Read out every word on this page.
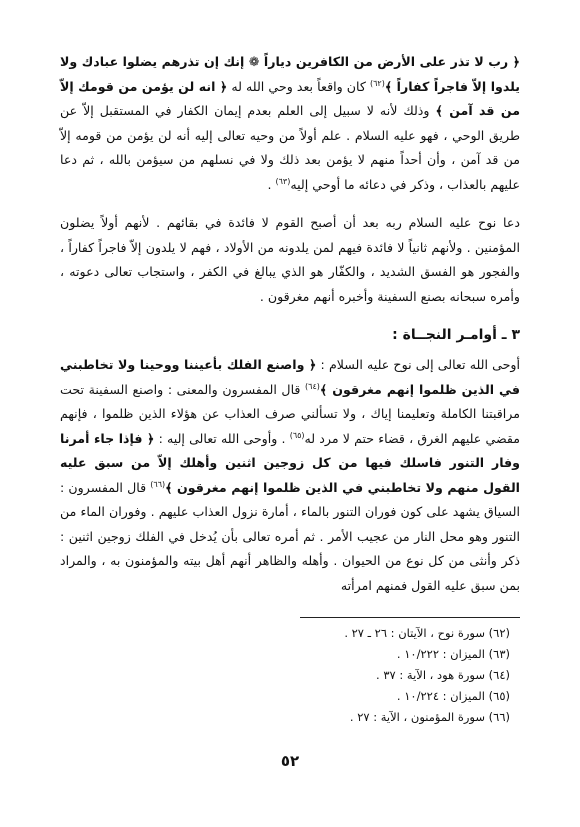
﴿ رب لا تذر على الأرض من الكافرين دياراً ❁ إنك إن تذرهم يضلوا عبادك ولا يلدوا إلاّ فاجراً كفاراً ﴾$^{(٦٢)}$ كان واقعاً بعد وحي الله له ﴿ انه لن يؤمن من قومك إلاّ من قد آمن ﴾ وذلك لأنه لا سبيل إلى العلم بعدم إيمان الكفار في المستقبل إلاّ عن طريق الوحي ، فهو عليه السلام . علم أولاً من وحيه تعالى إليه أنه لن يؤمن من قومه إلاّ من قد آمن ، وأن أحداً منهم لا يؤمن بعد ذلك ولا في نسلهم من سيؤمن بالله ، ثم دعا عليهم بالعذاب ، وذكر في دعائه ما أوحي إليه$^{(٦٣)}$ .

دعا نوح عليه السلام ربه بعد أن أصبح القوم لا فائدة في بقائهم . لأنهم أولاً يضلون المؤمنين . ولأنهم ثانياً لا فائدة فيهم لمن يلدونه من الأولاد ، فهم لا يلدون إلاّ فاجراً كفاراً ، والفجور هو الفسق الشديد ، والكفّار هو الذي يبالغ في الكفر ، واستجاب تعالى دعوته ، وأمره سبحانه بصنع السفينة وأخبره أنهم مغرقون .

٣ ـ أوامـر النجــاة :

أوحى الله تعالى إلى نوح عليه السلام : ﴿ واصنع الفلك بأعيننا ووحينا ولا تخاطبني في الذين ظلموا إنهم مغرقون ﴾$^{(٦٤)}$ قال المفسرون والمعنى : واصنع السفينة تحت مراقبتنا الكاملة وتعليمنا إياك ، ولا تسألني صرف العذاب عن هؤلاء الذين ظلموا ، فإنهم مقضي عليهم الغرق ، قضاء حتم لا مرد له$^{(٦٥)}$ . وأوحى الله تعالى إليه : ﴿ فإذا جاء أمرنا وفار التنور فاسلك فيها من كل زوجين اثنين وأهلك إلاّ من سبق عليه القول منهم ولا تخاطبني في الذين ظلموا إنهم مغرقون ﴾$^{(٦٦)}$ قال المفسرون : السياق يشهد على كون فوران التنور بالماء ، أمارة نزول العذاب عليهم . وفوران الماء من التنور وهو محل النار من عجيب الأمر . ثم أمره تعالى بأن يُدخل في الفلك زوجين اثنين : ذكر وأنثى من كل نوع من الحيوان . وأهله والظاهر أنهم أهل بيته والمؤمنون به ، والمراد بمن سبق عليه القول فمنهم امرأته

(٦٢) سورة نوح ، الآيتان : ٢٦ ـ ٢٧ .

(٦٣) الميزان : ١٠/٢٢٢ .

(٦٤) سورة هود ، الآية : ٣٧ .

(٦٥) الميزان : ١٠/٢٢٤ .

(٦٦) سورة المؤمنون ، الآية : ٢٧ .

٥٢
